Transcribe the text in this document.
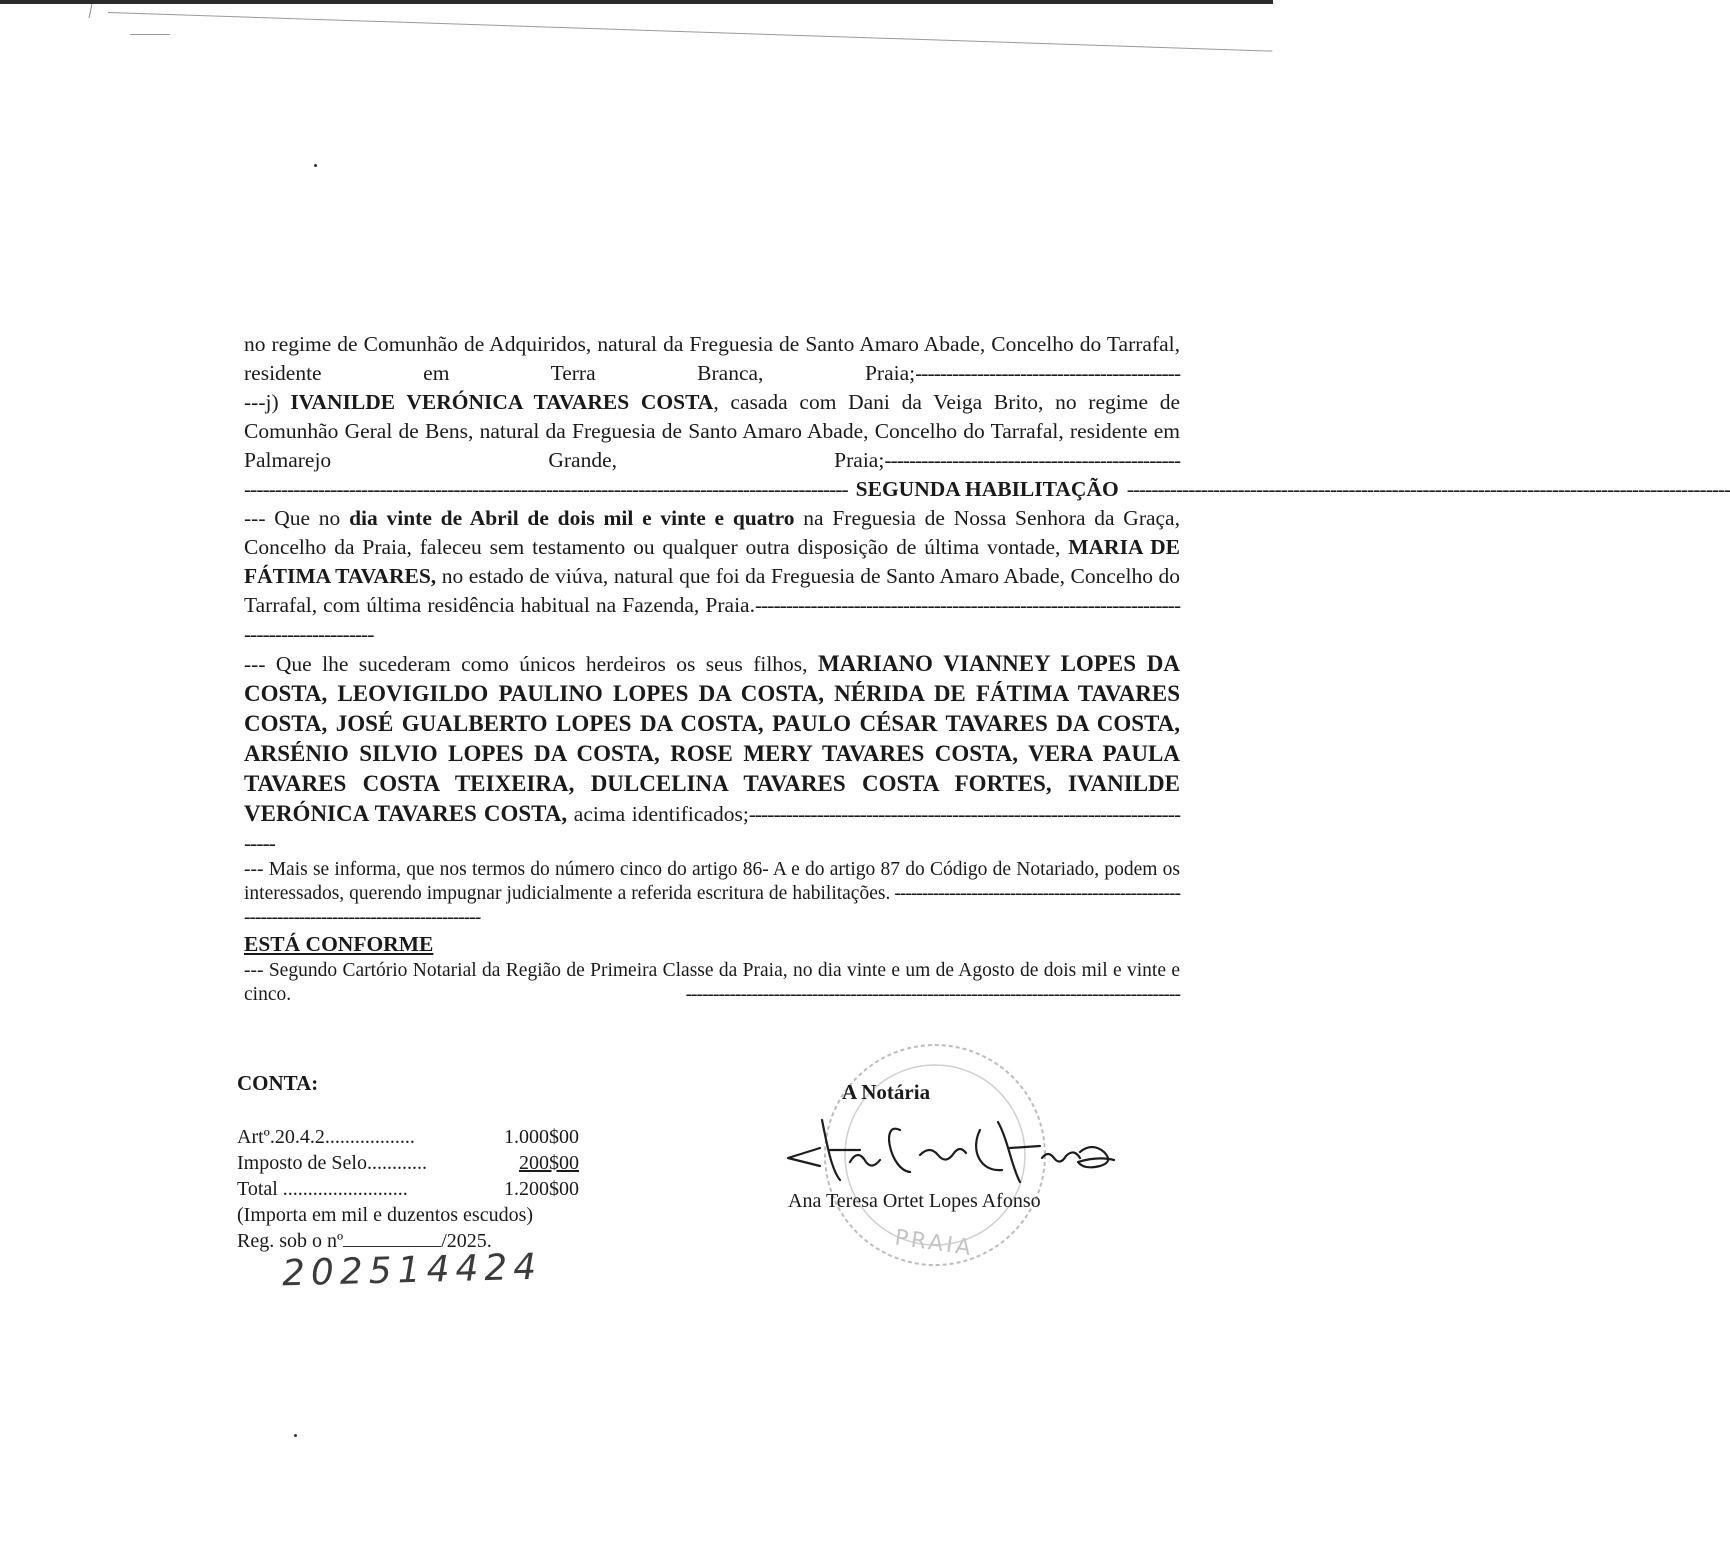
no regime de Comunhão de Adquiridos, natural da Freguesia de Santo Amaro Abade, Concelho do Tarrafal, residente em Terra Branca, Praia;-------------------------------------------

---j) IVANILDE VERÓNICA TAVARES COSTA, casada com Dani da Veiga Brito, no regime de Comunhão Geral de Bens, natural da Freguesia de Santo Amaro Abade, Concelho do Tarrafal, residente em Palmarejo Grande, Praia;------------------------------------------------

-------------------------------------------------------------------------------------------------- SEGUNDA HABILITAÇÃO --------------------------------------------------------------------------------------------------

--- Que no dia vinte de Abril de dois mil e vinte e quatro na Freguesia de Nossa Senhora da Graça, Concelho da Praia, faleceu sem testamento ou qualquer outra disposição de última vontade, MARIA DE FÁTIMA TAVARES, no estado de viúva, natural que foi da Freguesia de Santo Amaro Abade, Concelho do Tarrafal, com última residência habitual na Fazenda, Praia.------------------------------------------------------------------------------------------

--- Que lhe sucederam como únicos herdeiros os seus filhos, MARIANO VIANNEY LOPES DA COSTA, LEOVIGILDO PAULINO LOPES DA COSTA, NÉRIDA DE FÁTIMA TAVARES COSTA, JOSÉ GUALBERTO LOPES DA COSTA, PAULO CÉSAR TAVARES DA COSTA, ARSÉNIO SILVIO LOPES DA COSTA, ROSE MERY TAVARES COSTA, VERA PAULA TAVARES COSTA TEIXEIRA, DULCELINA TAVARES COSTA FORTES, IVANILDE VERÓNICA TAVARES COSTA, acima identificados;---------------------------------------------------------------------------

--- Mais se informa, que nos termos do número cinco do artigo 86- A e do artigo 87 do Código de Notariado, podem os interessados, querendo impugnar judicialmente a referida escritura de habilitações. -----------------------------------------------------------------------------------------------

ESTÁ CONFORME

--- Segundo Cartório Notarial da Região de Primeira Classe da Praia, no dia vinte e um de Agosto de dois mil e vinte e cinco. ------------------------------------------------------------------------------------------

CONTA:
Artº.20.4.2..................	1.000$00
Imposto de Selo............	200$00
Total .........................	1.200$00
(Importa em mil e duzentos escudos)
Reg. sob o nº	/2025.
202514424
PRAIA
A Notária
Ana Teresa Ortet Lopes Afonso
